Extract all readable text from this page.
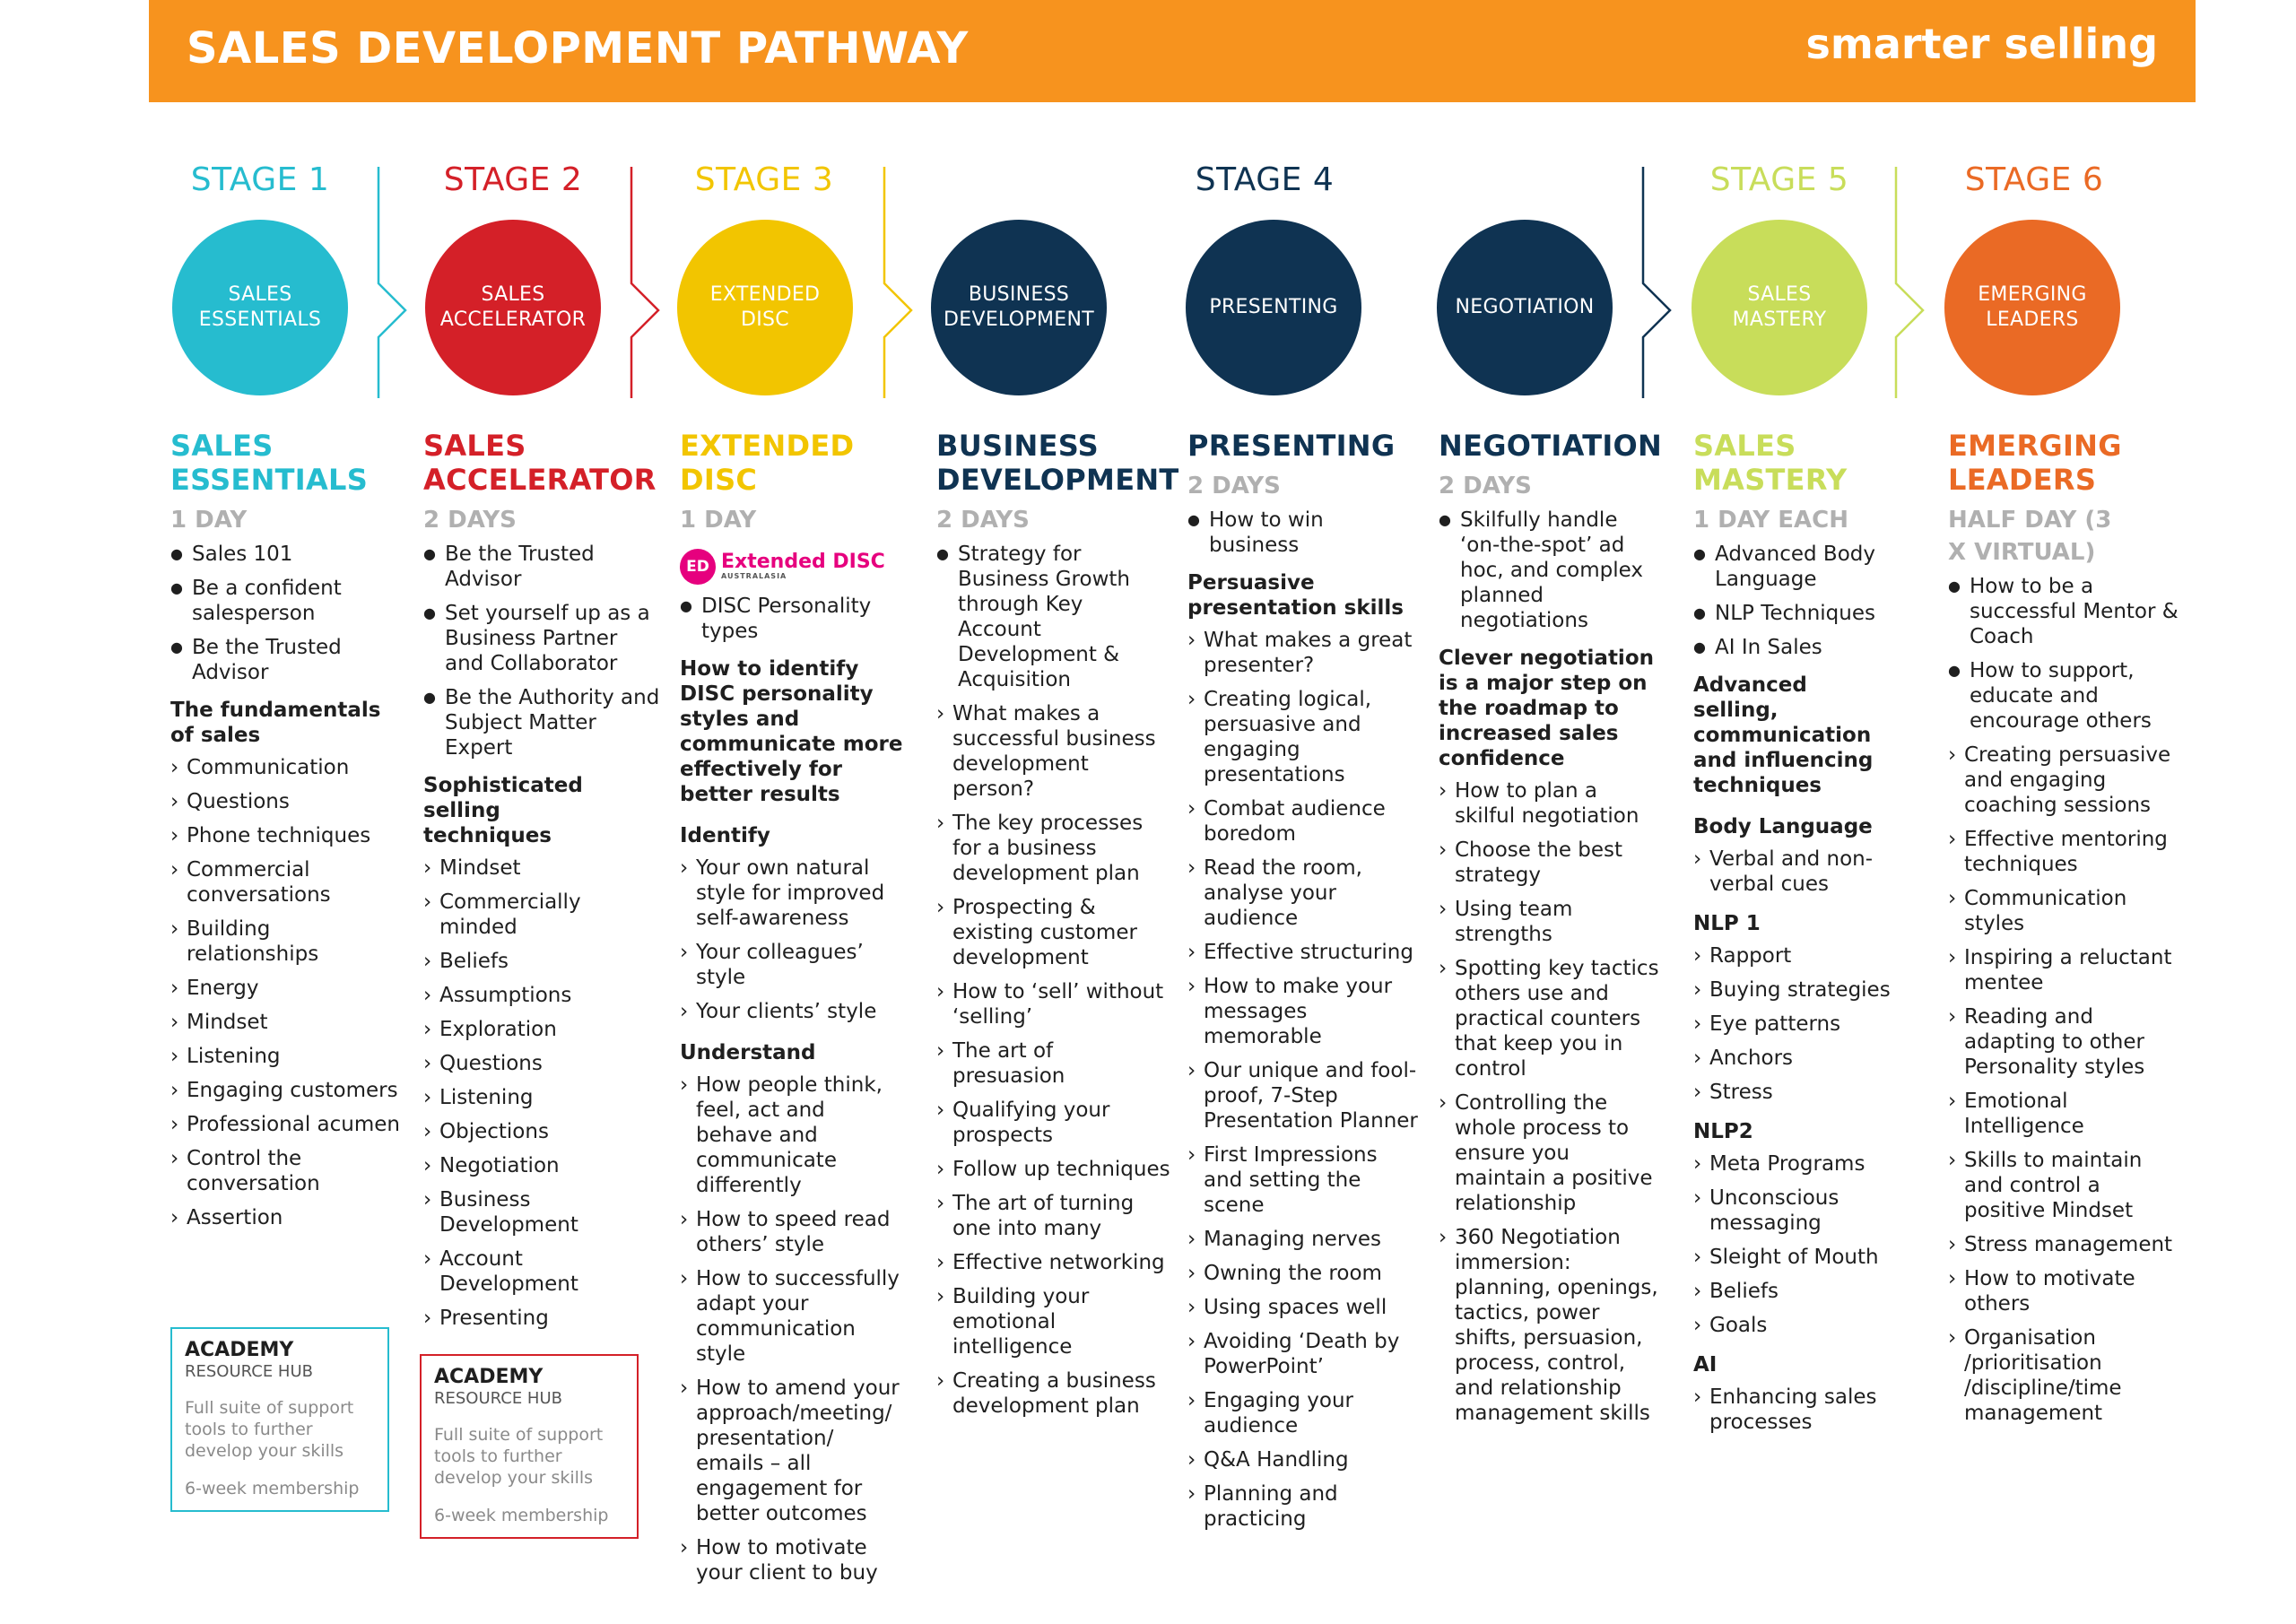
SALES DEVELOPMENT PATHWAY	smarter selling
STAGE 1	STAGE 2	STAGE 3	STAGE 4	STAGE 5	STAGE 6
SALES ESSENTIALS
SALES ACCELERATOR
EXTENDED DISC
BUSINESS DEVELOPMENT
PRESENTING	NEGOTIATION
SALES MASTERY
EMERGING LEADERS
SALES ESSENTIALS
1 DAY
● Sales 101
● Be a confident salesperson
● Be the Trusted Advisor
The fundamentals of sales
› Communication
› Questions
› Phone techniques
› Commercial conversations
› Building relationships
› Energy
› Mindset
› Listening
› Engaging customers
› Professional acumen
› Control the conversation
› Assertion
ACADEMY
RESOURCE HUB
Full suite of support tools to further develop your skills
6-week membership
SALES ACCELERATOR
2 DAYS
● Be the Trusted Advisor
● Set yourself up as a Business Partner and Collaborator
● Be the Authority and Subject Matter Expert
Sophisticated selling techniques
› Mindset
› Commercially minded
› Beliefs
› Assumptions
› Exploration
› Questions
› Listening
› Objections
› Negotiation
› Business Development
› Account Development
› Presenting
ACADEMY
RESOURCE HUB
Full suite of support tools to further develop your skills
6-week membership
EXTENDED DISC
1 DAY
ED Extended DISC
AUSTRALASIA
● DISC Personality types
How to identify DISC personality styles and communicate more effectively for better results
Identify
› Your own natural style for improved self-awareness
› Your colleagues’ style
› Your clients’ style
Understand
› How people think, feel, act and behave and communicate differently
› How to speed read others’ style
› How to successfully adapt your communication style
› How to amend your approach/meeting/ presentation/ emails – all engagement for better outcomes
› How to motivate your client to buy
BUSINESS DEVELOPMENT
2 DAYS
● Strategy for Business Growth through Key Account Development & Acquisition
› What makes a successful business development person?
› The key processes for a business development plan
› Prospecting & existing customer development
› How to ‘sell’ without ‘selling’
› The art of presuasion
› Qualifying your prospects
› Follow up techniques
› The art of turning one into many
› Effective networking
› Building your emotional intelligence
› Creating a business development plan
PRESENTING
2 DAYS
● How to win business
Persuasive presentation skills
› What makes a great presenter?
› Creating logical, persuasive and engaging presentations
› Combat audience boredom
› Read the room, analyse your audience
› Effective structuring
› How to make your messages memorable
› Our unique and fool-proof, 7-Step Presentation Planner
› First Impressions and setting the scene
› Managing nerves
› Owning the room
› Using spaces well
› Avoiding ‘Death by PowerPoint’
› Engaging your audience
› Q&A Handling
› Planning and practicing
NEGOTIATION
2 DAYS
● Skilfully handle ‘on-the-spot’ ad hoc, and complex planned negotiations
Clever negotiation is a major step on the roadmap to increased sales confidence
› How to plan a skilful negotiation
› Choose the best strategy
› Using team strengths
› Spotting key tactics others use and practical counters that keep you in control
› Controlling the whole process to ensure you maintain a positive relationship
› 360 Negotiation immersion: planning, openings, tactics, power shifts, persuasion, process, control, and relationship management skills
SALES MASTERY
1 DAY EACH
● Advanced Body Language
● NLP Techniques
● AI In Sales
Advanced selling, communication and influencing techniques
Body Language
› Verbal and non-verbal cues
NLP 1
› Rapport
› Buying strategies
› Eye patterns
› Anchors
› Stress
NLP2
› Meta Programs
› Unconscious messaging
› Sleight of Mouth
› Beliefs
› Goals
AI
› Enhancing sales processes
EMERGING LEADERS
HALF DAY (3 X VIRTUAL)
● How to be a successful Mentor & Coach
● How to support, educate and encourage others
› Creating persuasive and engaging coaching sessions
› Effective mentoring techniques
› Communication styles
› Inspiring a reluctant mentee
› Reading and adapting to other Personality styles
› Emotional Intelligence
› Skills to maintain and control a positive Mindset
› Stress management
› How to motivate others
› Organisation /prioritisation /discipline/time management
